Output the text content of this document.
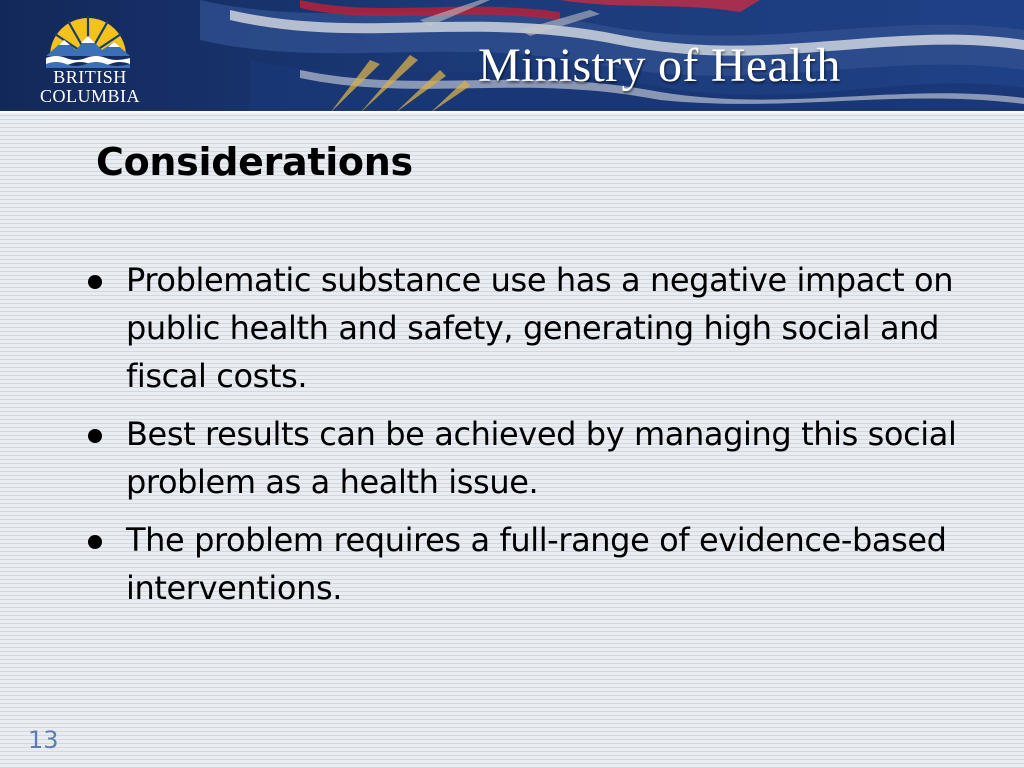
BRITISH
COLUMBIA
Ministry of Health
Considerations
Problematic substance use has a negative impact on public health and safety, generating high social and fiscal costs.
Best results can be achieved by managing this social problem as a health issue.
The problem requires a full-range of evidence-based interventions.
13
